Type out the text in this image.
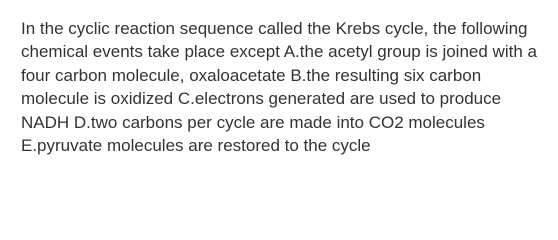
In the cyclic reaction sequence called the Krebs cycle, the following chemical events take place except A.the acetyl group is joined with a four carbon molecule, oxaloacetate B.the resulting six carbon molecule is oxidized C.electrons generated are used to produce NADH D.two carbons per cycle are made into CO2 molecules E.pyruvate molecules are restored to the cycle
